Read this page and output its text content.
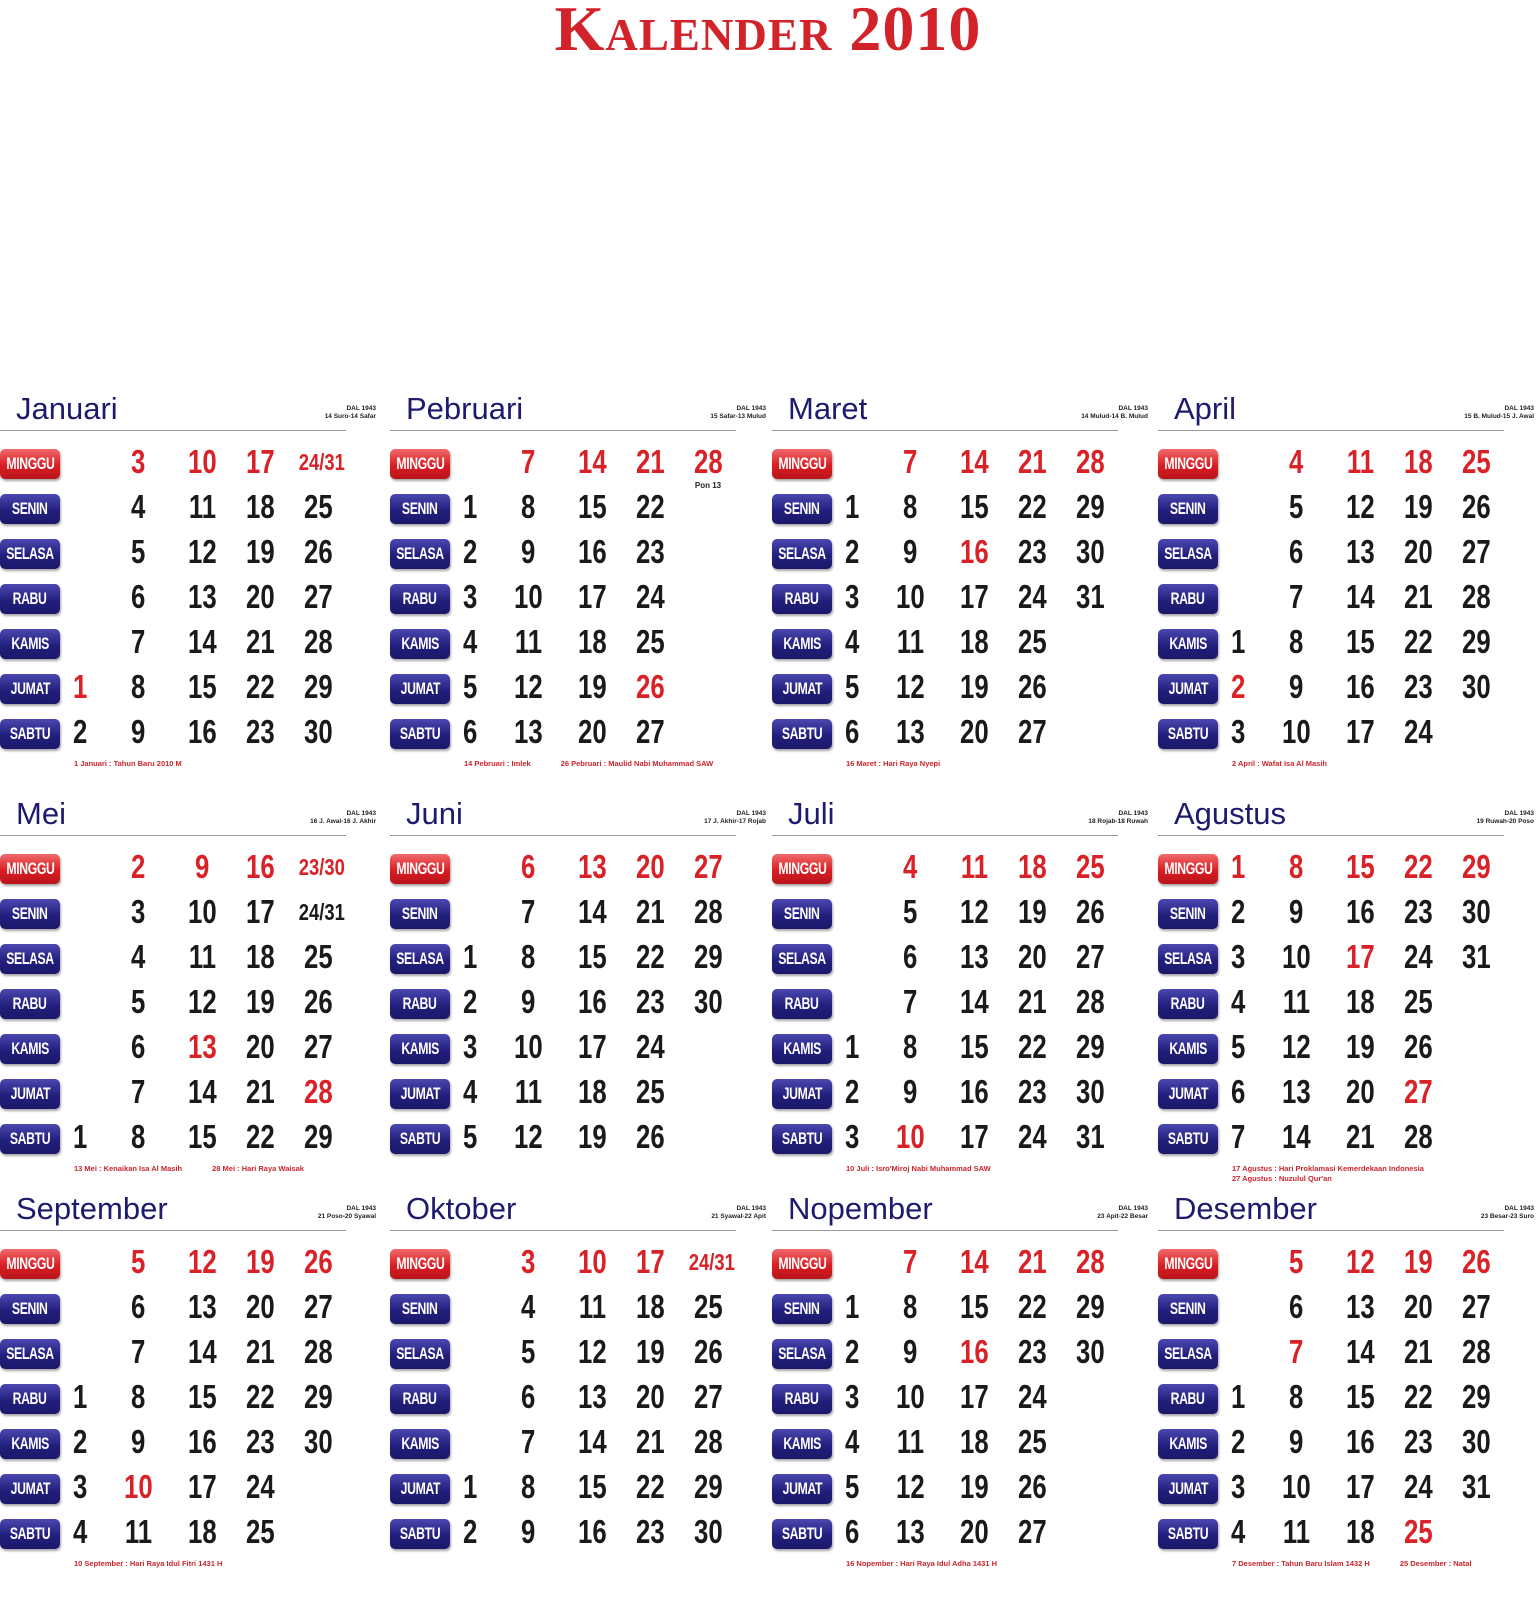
Kalender 2010
Januari	DAL 1943
14 Suro-14 Safar
MINGGU	3	10 17	24/31
SENIN	4	11 18 25
SELASA	5	12 19 26
RABU	6	13 20 27
KAMIS	7	14 21 28
JUMAT 1	8	15 22 29
SABTU 2	9	16 23 30
1 Januari : Tahun Baru 2010 M
Pebruari	DAL 1943
15 Safar-13 Mulud
MINGGU	7	14 21 28
SENIN 1	8	15 22
SELASA 2	9	16 23
RABU 3	10	17 24
KAMIS 4	11	18 25
JUMAT 5	12	19 26
SABTU 6	13	20 27
Pon 13
14 Pebruari : Imlek	26 Pebruari : Maulid Nabi Muhammad SAW
Maret	DAL 1943
14 Mulud-14 B. Mulud
MINGGU	7	14 21 28
SENIN 1	8	15 22 29
SELASA 2	9	16 23 30
RABU 3	10	17 24 31
KAMIS 4	11	18 25
JUMAT 5	12	19 26
SABTU 6	13	20 27
16 Maret : Hari Raya Nyepi
April	DAL 1943
15 B. Mulud-15 J. Awal
MINGGU	4	11 18 25
SENIN	5	12 19 26
SELASA	6	13 20 27
RABU	7	14 21 28
KAMIS 1	8	15 22 29
JUMAT 2	9	16 23 30
SABTU 3	10	17 24
2 April : Wafat Isa Al Masih
Mei	DAL 1943
16 J. Awal-16 J. Akhir
MINGGU	2	9	16	23/30
SENIN	3	10 17	24/31
SELASA	4	11 18 25
RABU	5	12 19 26
KAMIS	6	13 20 27
JUMAT	7	14 21 28
SABTU 1	8	15 22 29
13 Mei : Kenaikan Isa Al Masih	28 Mei : Hari Raya Waisak
Juni	DAL 1943
17 J. Akhir-17 Rojab
MINGGU	6	13 20 27
SENIN	7	14 21 28
SELASA 1	8	15 22 29
RABU 2	9	16 23 30
KAMIS 3	10	17 24
JUMAT 4	11	18 25
SABTU 5	12	19 26
Juli	DAL 1943
18 Rojab-18 Ruwah
MINGGU	4	11 18 25
SENIN	5	12 19 26
SELASA	6	13 20 27
RABU	7	14 21 28
KAMIS 1	8	15 22 29
JUMAT 2	9	16 23 30
SABTU 3	10	17 24 31
10 Juli : Isro'Miroj Nabi Muhammad SAW
Agustus	DAL 1943
19 Ruwah-20 Poso
MINGGU 1	8	15 22 29
SENIN 2	9	16 23 30
SELASA 3	10	17 24 31
RABU 4	11	18 25
KAMIS 5	12	19 26
JUMAT 6	13	20 27
SABTU 7	14	21 28
17 Agustus : Hari Proklamasi Kemerdekaan Indonesia
27 Agustus : Nuzulul Qur'an
September	DAL 1943
21 Poso-20 Syawal
MINGGU	5	12 19 26
SENIN	6	13 20 27
SELASA	7	14 21 28
RABU 1	8	15 22 29
KAMIS 2	9	16 23 30
JUMAT 3	10	17 24
SABTU 4	11	18 25
10 September : Hari Raya Idul Fitri 1431 H
Oktober	DAL 1943
21 Syawal-22 Apit
MINGGU	3	10 17	24/31
SENIN	4	11 18 25
SELASA	5	12 19 26
RABU	6	13 20 27
KAMIS	7	14 21 28
JUMAT 1	8	15 22 29
SABTU 2	9	16 23 30
Nopember	DAL 1943
23 Apit-22 Besar
MINGGU	7	14 21 28
SENIN 1	8	15 22 29
SELASA 2	9	16 23 30
RABU 3	10	17 24
KAMIS 4	11	18 25
JUMAT 5	12	19 26
SABTU 6	13	20 27
16 Nopember : Hari Raya Idul Adha 1431 H
Desember	DAL 1943
23 Besar-23 Suro
MINGGU	5	12 19 26
SENIN	6	13 20 27
SELASA	7	14 21 28
RABU 1	8	15 22 29
KAMIS 2	9	16 23 30
JUMAT 3	10	17 24 31
SABTU 4	11	18 25
7 Desember : Tahun Baru Islam 1432 H	25 Desember : Natal
